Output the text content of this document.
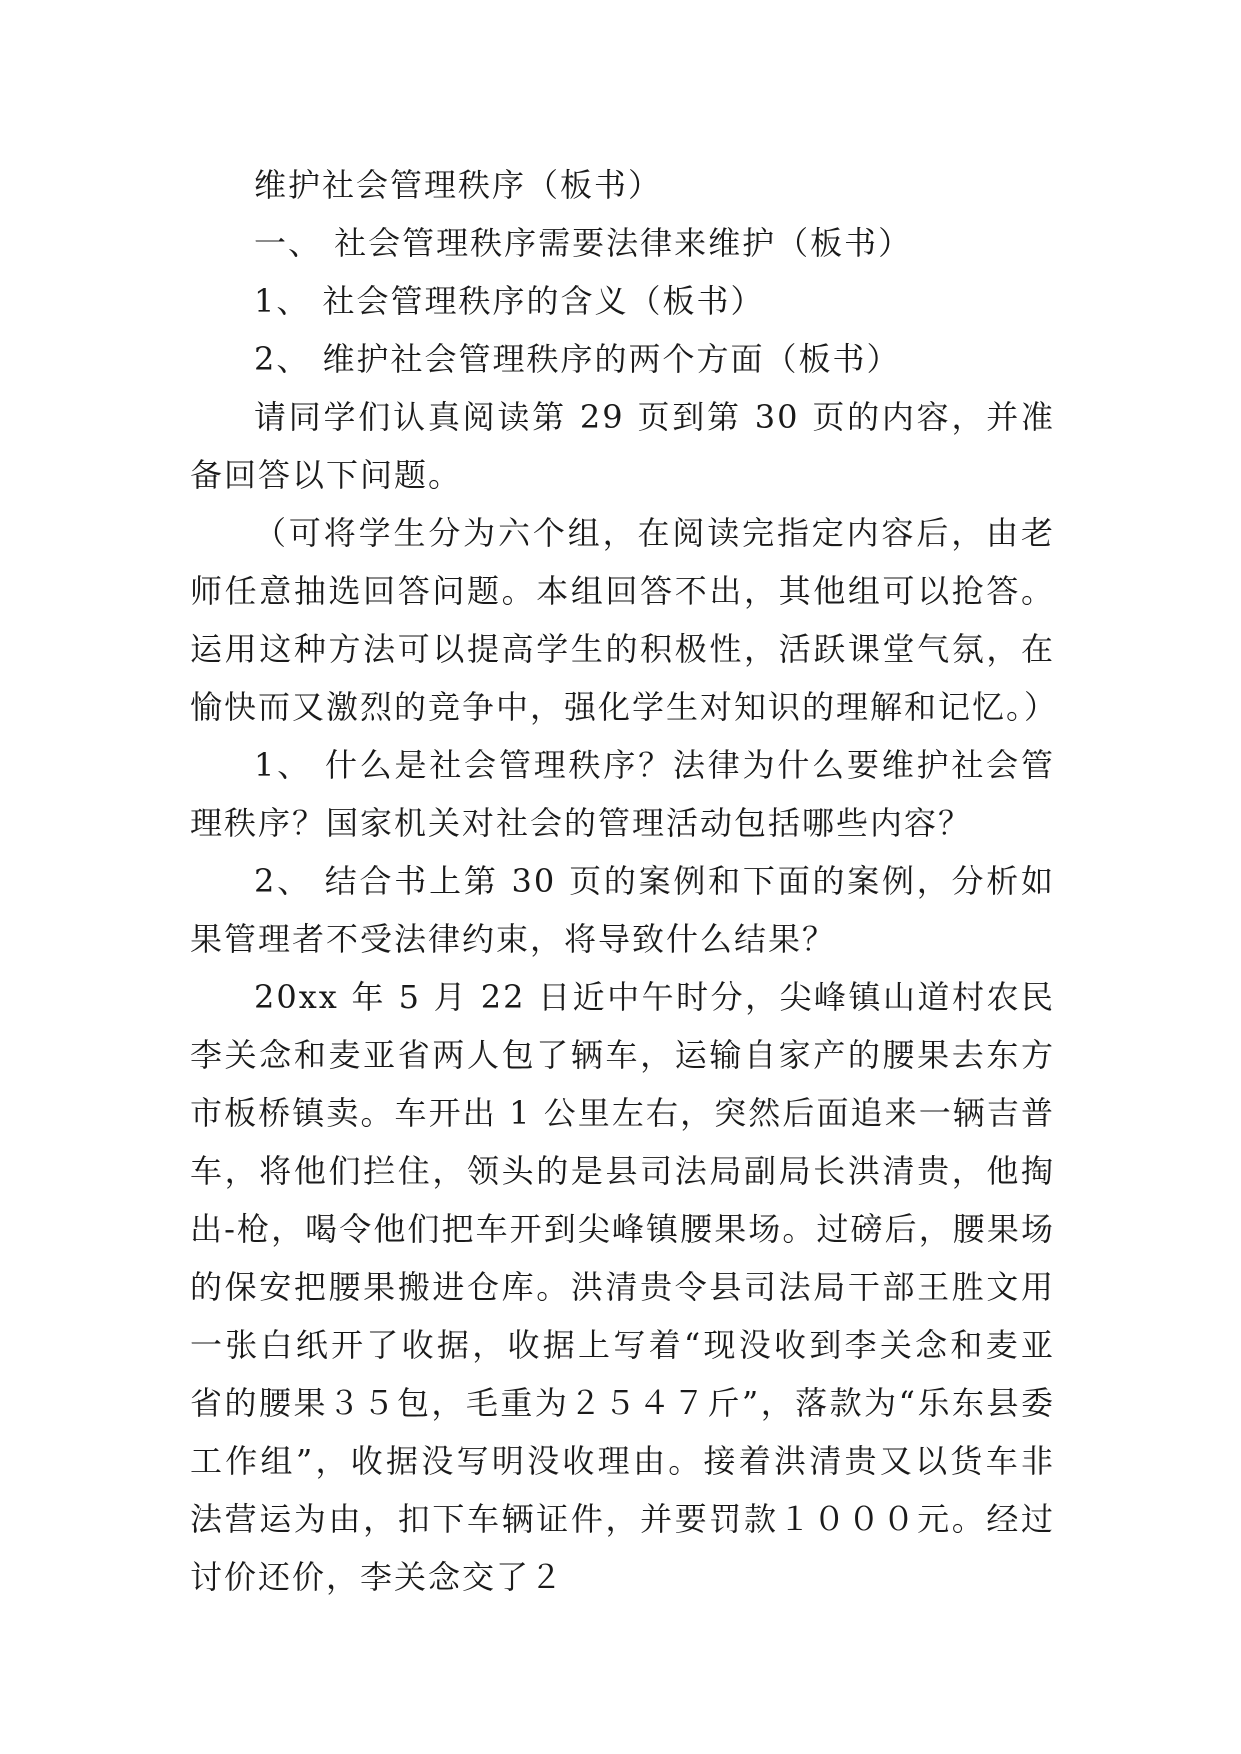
维护社会管理秩序（板书）

一、 社会管理秩序需要法律来维护（板书）

1、 社会管理秩序的含义（板书）

2、 维护社会管理秩序的两个方面（板书）

请同学们认真阅读第 29 页到第 30 页的内容，并准备回答以下问题。

（可将学生分为六个组，在阅读完指定内容后，由老师任意抽选回答问题。本组回答不出，其他组可以抢答。运用这种方法可以提高学生的积极性，活跃课堂气氛，在愉快而又激烈的竞争中，强化学生对知识的理解和记忆。）

1、 什么是社会管理秩序？法律为什么要维护社会管理秩序？国家机关对社会的管理活动包括哪些内容？

2、 结合书上第 30 页的案例和下面的案例，分析如果管理者不受法律约束，将导致什么结果？

20xx 年 5 月 22 日近中午时分，尖峰镇山道村农民李关念和麦亚省两人包了辆车，运输自家产的腰果去东方市板桥镇卖。车开出 1 公里左右，突然后面追来一辆吉普车，将他们拦住，领头的是县司法局副局长洪清贵，他掏出-枪，喝令他们把车开到尖峰镇腰果场。过磅后，腰果场的保安把腰果搬进仓库。洪清贵令县司法局干部王胜文用一张白纸开了收据，收据上写着“现没收到李关念和麦亚省的腰果３５包，毛重为２５４７斤”，落款为“乐东县委工作组”，收据没写明没收理由。接着洪清贵又以货车非法营运为由，扣下车辆证件，并要罚款１０００元。经过讨价还价，李关念交了２
